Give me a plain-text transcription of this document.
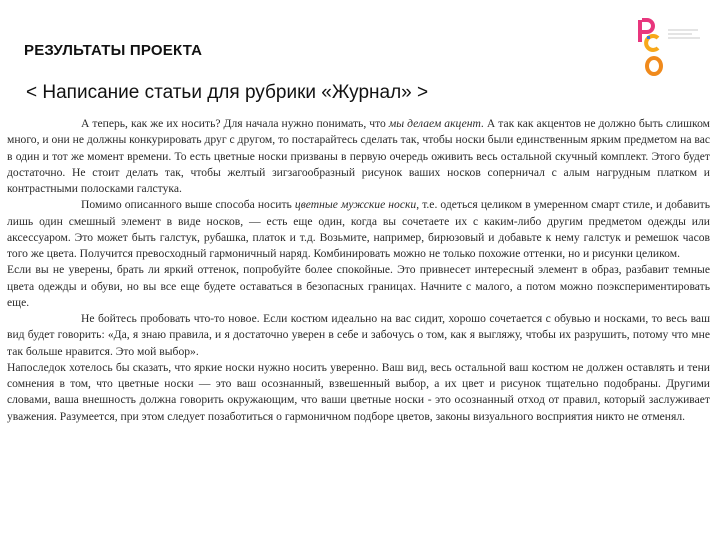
РЕЗУЛЬТАТЫ ПРОЕКТА
< Написание статьи для рубрики «Журнал» >

А теперь, как же их носить? Для начала нужно понимать, что мы делаем акцент. А так как акцентов не должно быть слишком много, и они не должны конкурировать друг с другом, то постарайтесь сделать так, чтобы носки были единственным ярким предметом на вас в один и тот же момент времени. То есть цветные носки призваны в первую очередь оживить весь остальной скучный комплект. Этого будет достаточно. Не стоит делать так, чтобы желтый зигзагообразный рисунок ваших носков соперничал с алым нагрудным платком и контрастными полосками галстука.

Помимо описанного выше способа носить цветные мужские носки, т.е. одеться целиком в умеренном смарт стиле, и добавить лишь один смешный элемент в виде носков, — есть еще один, когда вы сочетаете их с каким-либо другим предметом одежды или аксессуаром. Это может быть галстук, рубашка, платок и т.д. Возьмите, например, бирюзовый и добавьте к нему галстук и ремешок часов того же цвета. Получится превосходный гармоничный наряд. Комбинировать можно не только похожие оттенки, но и рисунки целиком.

Если вы не уверены, брать ли яркий оттенок, попробуйте более спокойные. Это привнесет интересный элемент в образ, разбавит темные цвета одежды и обуви, но вы все еще будете оставаться в безопасных границах. Начните с малого, а потом можно поэкспериментировать еще.

Не бойтесь пробовать что-то новое. Если костюм идеально на вас сидит, хорошо сочетается с обувью и носками, то весь ваш вид будет говорить: «Да, я знаю правила, и я достаточно уверен в себе и забочусь о том, как я выгляжу, чтобы их разрушить, потому что мне так больше нравится. Это мой выбор».

Напоследок хотелось бы сказать, что яркие носки нужно носить уверенно. Ваш вид, весь остальной ваш костюм не должен оставлять и тени сомнения в том, что цветные носки — это ваш осознанный, взвешенный выбор, а их цвет и рисунок тщательно подобраны. Другими словами, ваша внешность должна говорить окружающим, что ваши цветные носки - это осознанный отход от правил, который заслуживает уважения. Разумеется, при этом следует позаботиться о гармоничном подборе цветов, законы визуального восприятия никто не отменял.
